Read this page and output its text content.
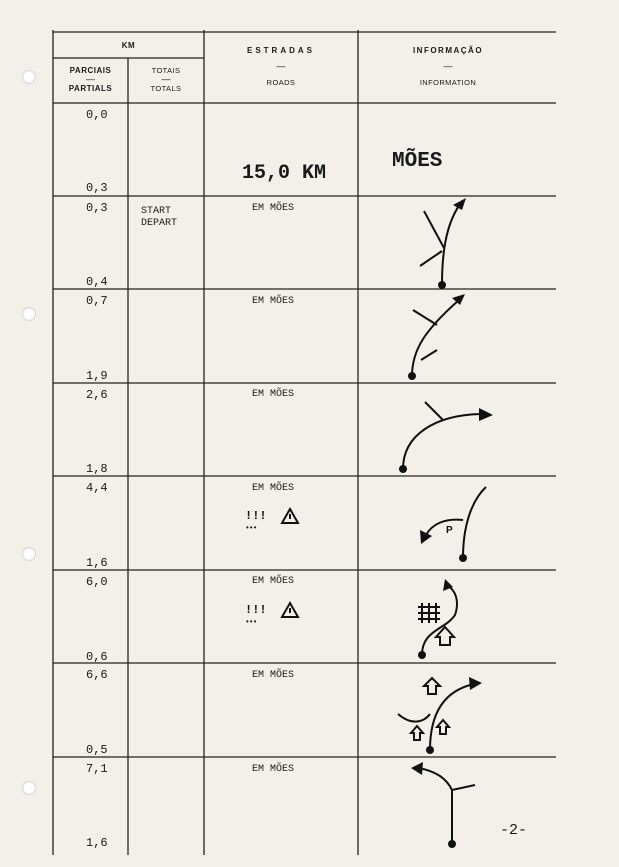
KM
PARCIAIS
—
PARTIALS
TOTAIS
—
TOTALS
ESTRADAS
—
ROADS
INFORMAÇÃO
—
INFORMATION
0,0
0,3
15,0 KM
MÕES
0,3
0,4
START
DEPART
EM MÕES
0,7
1,9
EM MÕES
2,6
1,8
EM MÕES
4,4
1,6
EM MÕES
!!!
•••	P
6,0
0,6
EM MÕES
!!!
•••
6,6
0,5
EM MÕES
7,1
1,6
EM MÕES
-2-
